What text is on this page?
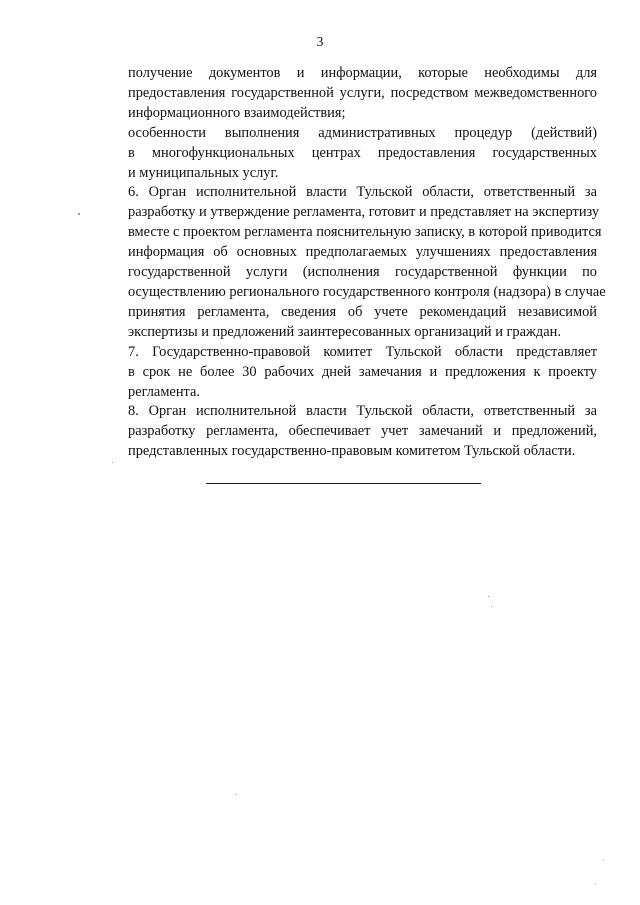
3
получение документов и информации, которые необходимы для
предоставления государственной услуги, посредством межведомственного
информационного взаимодействия;
особенности выполнения административных процедур (действий)
в многофункциональных центрах предоставления государственных
и муниципальных услуг.
6. Орган исполнительной власти Тульской области, ответственный за
разработку и утверждение регламента, готовит и представляет на экспертизу
вместе с проектом регламента пояснительную записку, в которой приводится
информация об основных предполагаемых улучшениях предоставления
государственной услуги (исполнения государственной функции по
осуществлению регионального государственного контроля (надзора) в случае
принятия регламента, сведения об учете рекомендаций независимой
экспертизы и предложений заинтересованных организаций и граждан.
7. Государственно-правовой комитет Тульской области представляет
в срок не более 30 рабочих дней замечания и предложения к проекту
регламента.
8. Орган исполнительной власти Тульской области, ответственный за
разработку регламента, обеспечивает учет замечаний и предложений,
представленных государственно-правовым комитетом Тульской области.
